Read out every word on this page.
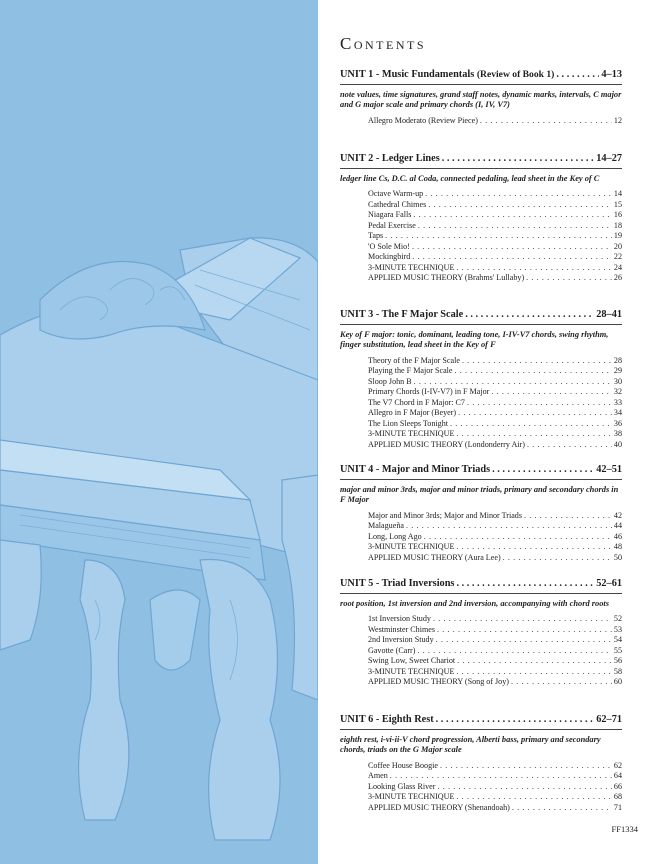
Contents
UNIT 1 - Music Fundamentals (Review of Book 1) . . .	4–13

note values, time signatures, grand staff notes, dynamic marks, intervals, C major and G major scale and primary chords (I, IV, V7)

Allegro Moderato (Review Piece) . . .	12
UNIT 2 - Ledger Lines . . .	14–27

ledger line Cs, D.C. al Coda, connected pedaling, lead sheet in the Key of C

Octave Warm-up . . .	14
Cathedral Chimes . . .	15
Niagara Falls . . .	16
Pedal Exercise . . .	18
Taps . . .	19
'O Sole Mio! . . .	20
Mockingbird . . .	22
3-MINUTE TECHNIQUE . . .	24
APPLIED MUSIC THEORY (Brahms' Lullaby) . . .	26
UNIT 3 - The F Major Scale . . .	28–41

Key of F major: tonic, dominant, leading tone, I-IV-V7 chords, swing rhythm, finger substitution, lead sheet in the Key of F

Theory of the F Major Scale . . .	28
Playing the F Major Scale . . .	29
Sloop John B . . .	30
Primary Chords (I-IV-V7) in F Major . . .	32
The V7 Chord in F Major: C7 . . .	33
Allegro in F Major (Beyer) . . .	34
The Lion Sleeps Tonight . . .	36
3-MINUTE TECHNIQUE . . .	38
APPLIED MUSIC THEORY (Londonderry Air) . . .	40
UNIT 4 - Major and Minor Triads . . .	42–51

major and minor 3rds, major and minor triads, primary and secondary chords in F Major

Major and Minor 3rds; Major and Minor Triads . . .	42
Malagueña . . .	44
Long, Long Ago . . .	46
3-MINUTE TECHNIQUE . . .	48
APPLIED MUSIC THEORY (Aura Lee) . . .	50
UNIT 5 - Triad Inversions . . .	52–61

root position, 1st inversion and 2nd inversion, accompanying with chord roots

1st Inversion Study . . .	52
Westminster Chimes . . .	53
2nd Inversion Study . . .	54
Gavotte (Carr) . . .	55
Swing Low, Sweet Chariot . . .	56
3-MINUTE TECHNIQUE . . .	58
APPLIED MUSIC THEORY (Song of Joy) . . .	60
UNIT 6 - Eighth Rest . . .	62–71

eighth rest, i-vi-ii-V chord progression, Alberti bass, primary and secondary chords, triads on the G Major scale

Coffee House Boogie . . .	62
Amen . . .	64
Looking Glass River . . .	66
3-MINUTE TECHNIQUE . . .	68
APPLIED MUSIC THEORY (Shenandoah) . . .	71
FF1334
